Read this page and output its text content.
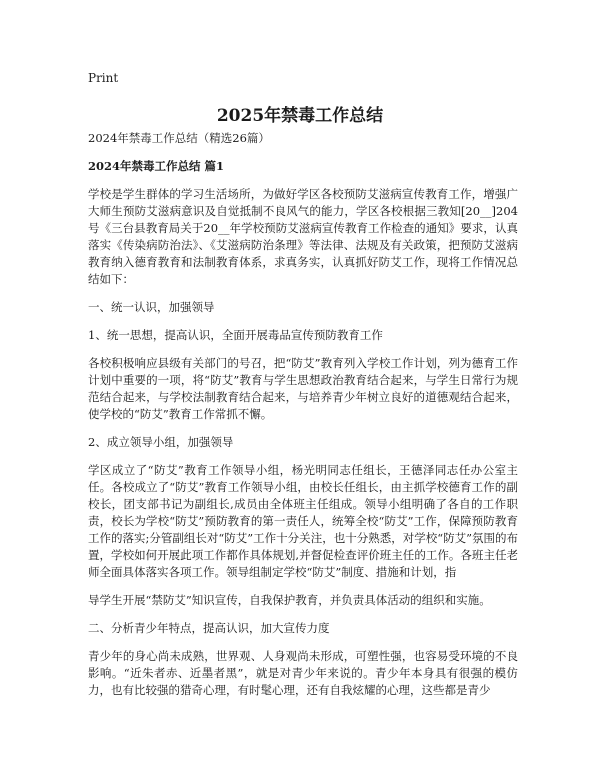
Print
2025年禁毒工作总结

2024年禁毒工作总结（精选26篇）

2024年禁毒工作总结 篇1

学校是学生群体的学习生活场所，为做好学区各校预防艾滋病宣传教育工作，增强广大师生预防艾滋病意识及自觉抵制不良风气的能力，学区各校根据三教知[20__]204号《三台县教育局关于20__年学校预防艾滋病宣传教育工作检查的通知》要求，认真落实《传染病防治法》、《艾滋病防治条理》等法律、法规及有关政策，把预防艾滋病教育纳入德育教育和法制教育体系，求真务实，认真抓好防艾工作，现将工作情况总结如下：

一、统一认识，加强领导

1、统一思想，提高认识，全面开展毒品宣传预防教育工作

各校积极响应县级有关部门的号召，把“防艾”教育列入学校工作计划，列为德育工作计划中重要的一项，将“防艾”教育与学生思想政治教育结合起来，与学生日常行为规范结合起来，与学校法制教育结合起来，与培养青少年树立良好的道德观结合起来，使学校的“防艾”教育工作常抓不懈。

2、成立领导小组，加强领导

学区成立了“防艾”教育工作领导小组，杨光明同志任组长，王德泽同志任办公室主任。各校成立了“防艾”教育工作领导小组，由校长任组长，由主抓学校德育工作的副校长，团支部书记为副组长,成员由全体班主任组成。领导小组明确了各自的工作职责，校长为学校“防艾”预防教育的第一责任人，统筹全校“防艾”工作，保障预防教育工作的落实;分管副组长对“防艾”工作十分关注，也十分熟悉，对学校“防艾”氛围的布置，学校如何开展此项工作都作具体规划,并督促检查评价班主任的工作。各班主任老师全面具体落实各项工作。领导组制定学校“防艾”制度、措施和计划，指

导学生开展“禁防艾”知识宣传，自我保护教育，并负责具体活动的组织和实施。

二、分析青少年特点，提高认识，加大宣传力度

青少年的身心尚未成熟，世界观、人身观尚未形成，可塑性强，也容易受环境的不良影响。“近朱者赤、近墨者黑”，就是对青少年来说的。青少年本身具有很强的模仿力，也有比较强的猎奇心理，有时髦心理，还有自我炫耀的心理，这些都是青少
